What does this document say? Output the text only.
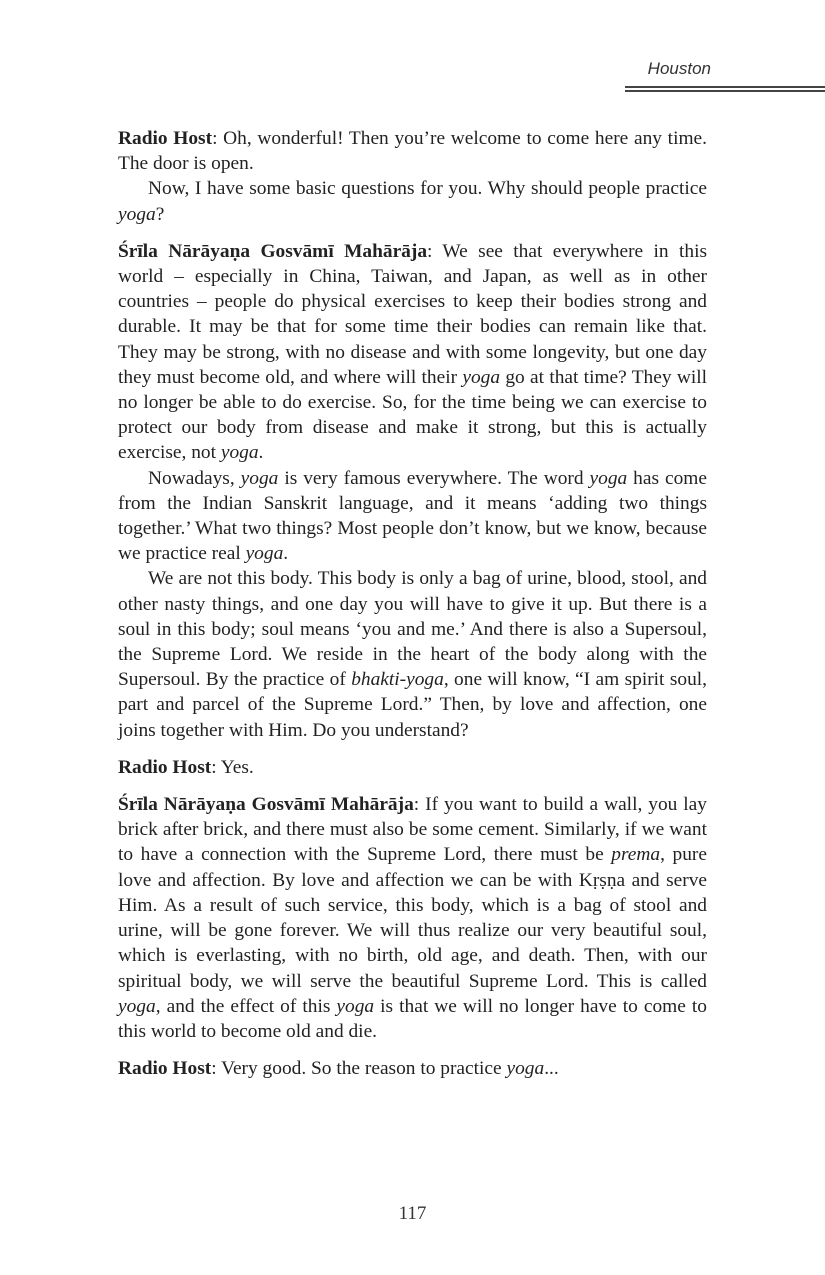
Houston

Radio Host: Oh, wonderful! Then you’re welcome to come here any time. The door is open.

Now, I have some basic questions for you. Why should people practice yoga?

Śrīla Nārāyaṇa Gosvāmī Mahārāja: We see that everywhere in this world – especially in China, Taiwan, and Japan, as well as in other countries – people do physical exercises to keep their bodies strong and durable. It may be that for some time their bodies can remain like that. They may be strong, with no disease and with some longevity, but one day they must become old, and where will their yoga go at that time? They will no longer be able to do exercise. So, for the time being we can exercise to protect our body from disease and make it strong, but this is actually exercise, not yoga.

Nowadays, yoga is very famous everywhere. The word yoga has come from the Indian Sanskrit language, and it means ‘adding two things together.’ What two things? Most people don’t know, but we know, because we practice real yoga.

We are not this body. This body is only a bag of urine, blood, stool, and other nasty things, and one day you will have to give it up. But there is a soul in this body; soul means ‘you and me.’ And there is also a Supersoul, the Supreme Lord. We reside in the heart of the body along with the Supersoul. By the practice of bhakti-yoga, one will know, “I am spirit soul, part and parcel of the Supreme Lord.” Then, by love and affection, one joins together with Him. Do you understand?

Radio Host: Yes.

Śrīla Nārāyaṇa Gosvāmī Mahārāja: If you want to build a wall, you lay brick after brick, and there must also be some cement. Similarly, if we want to have a connection with the Supreme Lord, there must be prema, pure love and affection. By love and affection we can be with Kṛṣṇa and serve Him. As a result of such service, this body, which is a bag of stool and urine, will be gone forever. We will thus realize our very beautiful soul, which is everlasting, with no birth, old age, and death. Then, with our spiritual body, we will serve the beautiful Supreme Lord. This is called yoga, and the effect of this yoga is that we will no longer have to come to this world to become old and die.

Radio Host: Very good. So the reason to practice yoga...

117
